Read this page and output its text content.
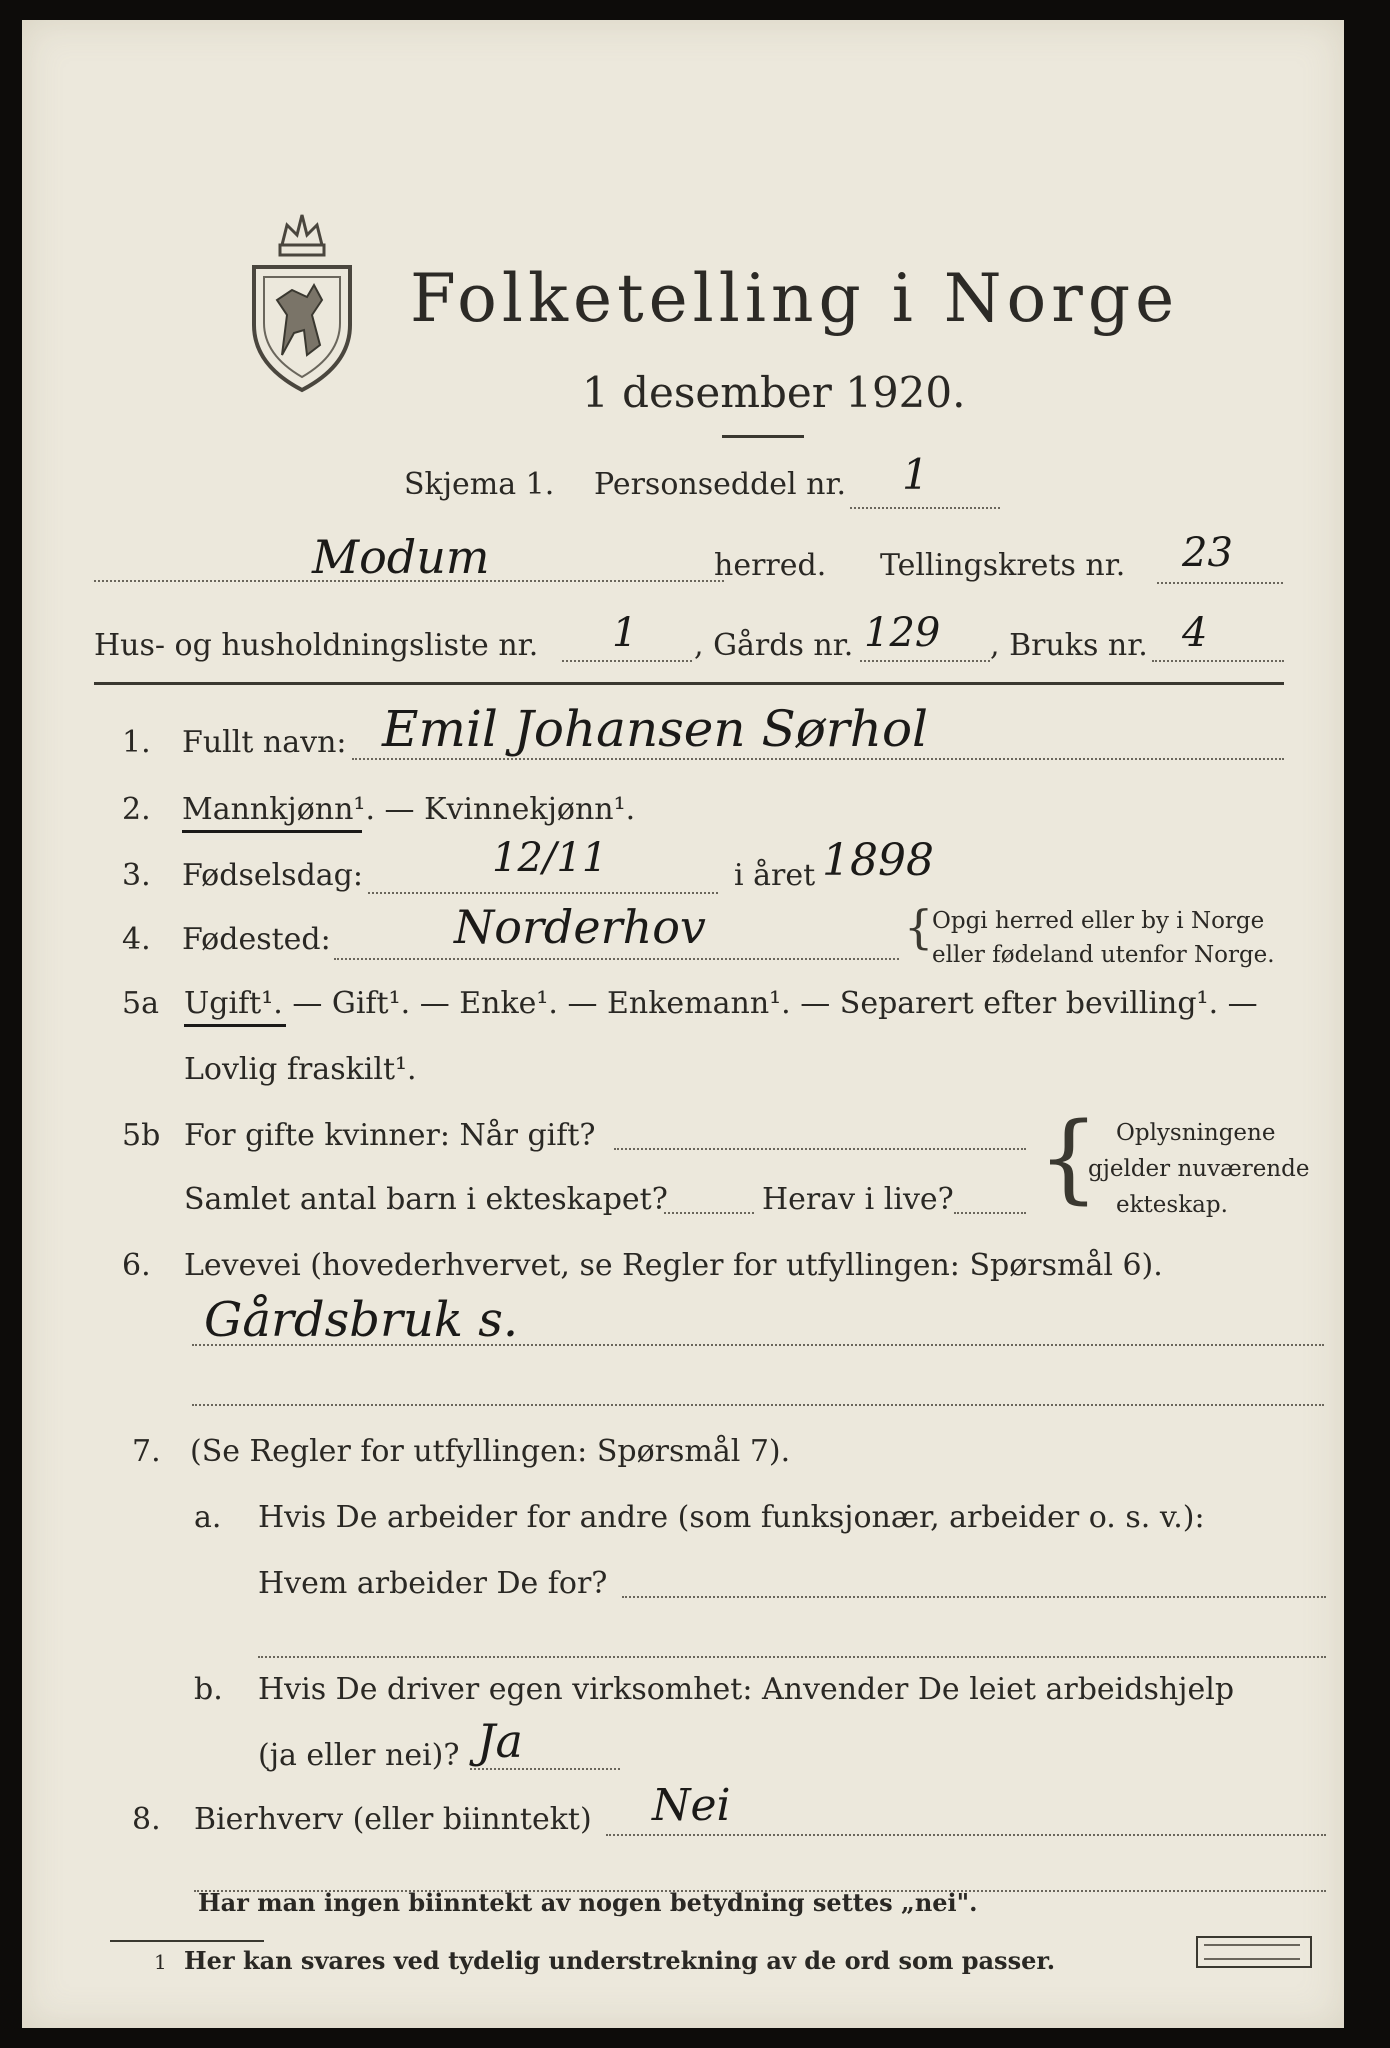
Folketelling i Norge
1 desember 1920.
Skjema 1. Personseddel nr. 1
Modum	herred. Tellingskrets nr. 23
Hus- og husholdningsliste nr. 1 , Gårds nr. 129 , Bruks nr. 4
1. Fullt navn: Emil Johansen Sørhol
2. Mannkjønn¹. — Kvinnekjønn¹.
3. Fødselsdag:	12/11	i året 1898
4. Fødested:	Norderhov	{
Opgi herred eller by i Norge
eller fødeland utenfor Norge.
5a Ugift¹. — Gift¹. — Enke¹. — Enkemann¹. — Separert efter bevilling¹. —
Lovlig fraskilt¹.
5b For gifte kvinner: Når gift?
Samlet antal barn i ekteskapet?	Herav i live? { Oplysningene
gjelder nuværende
ekteskap.
6. Levevei (hovederhvervet, se Regler for utfyllingen: Spørsmål 6).
Gårdsbruk s.
7. (Se Regler for utfyllingen: Spørsmål 7).
a. Hvis De arbeider for andre (som funksjonær, arbeider o. s. v.):
Hvem arbeider De for?
b. Hvis De driver egen virksomhet: Anvender De leiet arbeidshjelp
(ja eller nei)? Ja
8. Bierhverv (eller biinntekt) Nei
Har man ingen biinntekt av nogen betydning settes „nei".
1 Her kan svares ved tydelig understrekning av de ord som passer.
